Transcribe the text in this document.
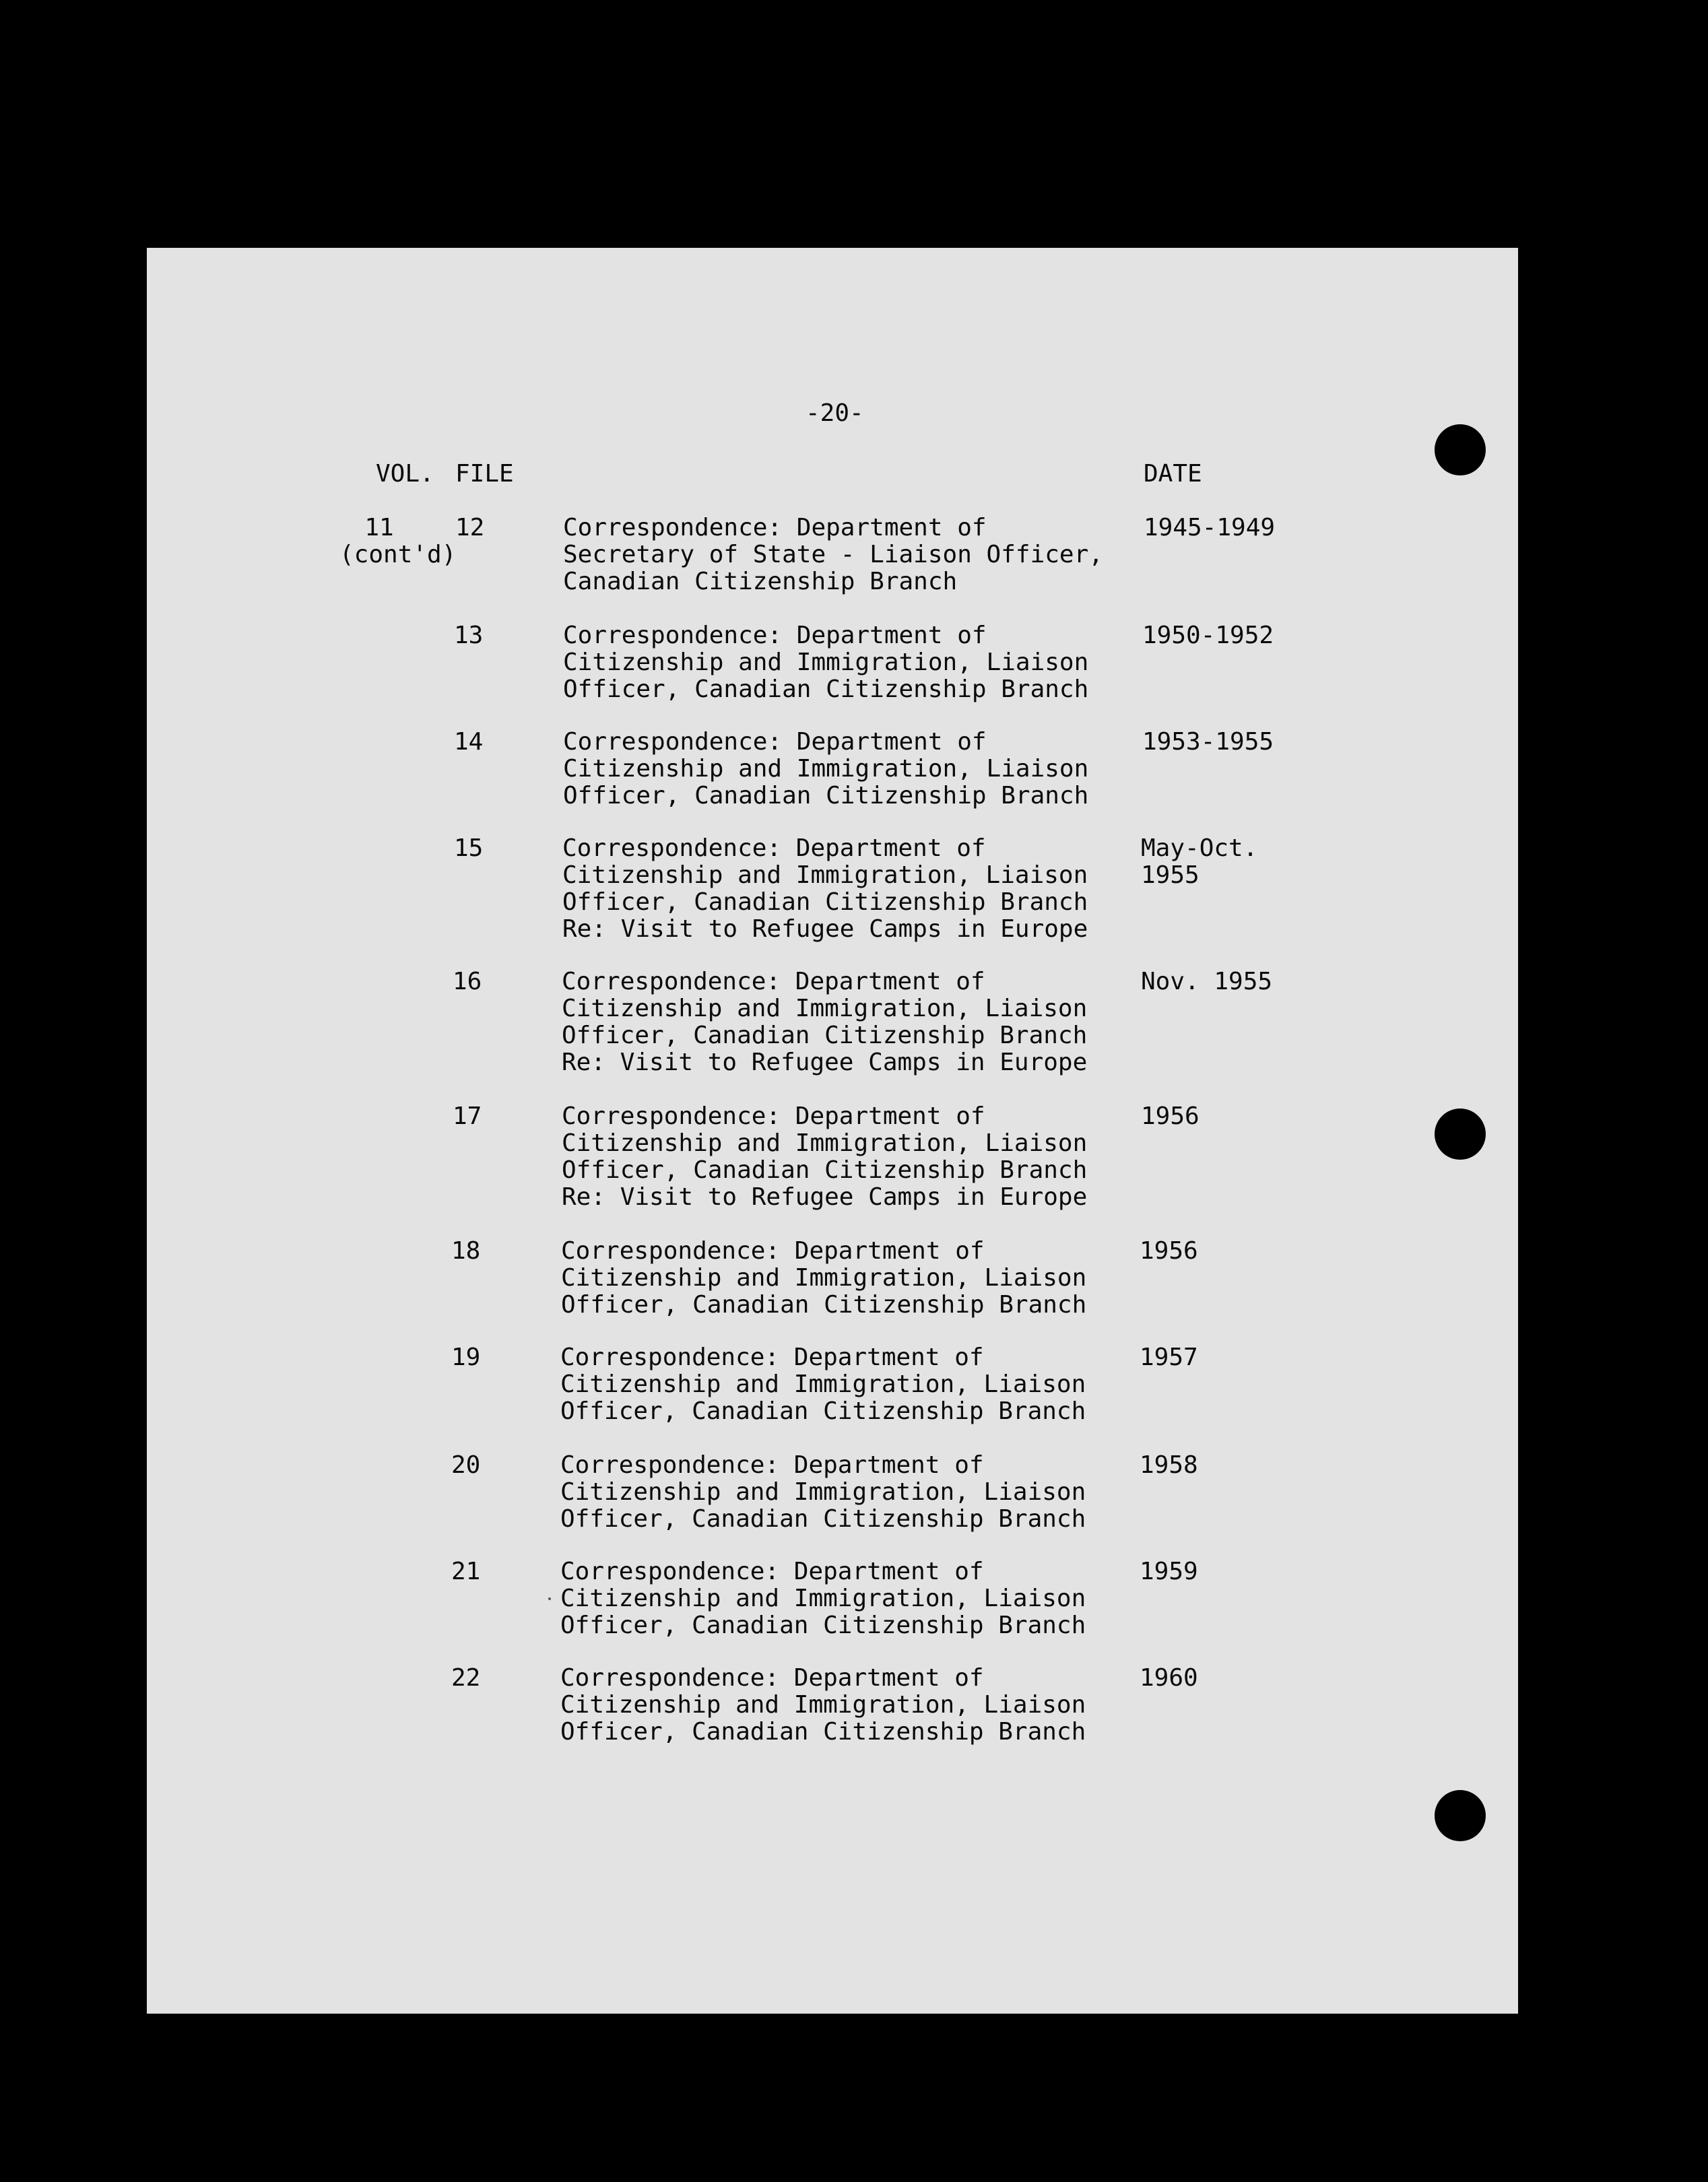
-20-
VOL. FILE	DATE
11
(cont'd)
12	Correspondence: Department of
Secretary of State - Liaison Officer,
Canadian Citizenship Branch
1945-1949
13	Correspondence: Department of
Citizenship and Immigration, Liaison
Officer, Canadian Citizenship Branch
1950-1952
14	Correspondence: Department of
Citizenship and Immigration, Liaison
Officer, Canadian Citizenship Branch
1953-1955
15	Correspondence: Department of
Citizenship and Immigration, Liaison
Officer, Canadian Citizenship Branch
Re: Visit to Refugee Camps in Europe
May-Oct.
1955
16	Correspondence: Department of
Citizenship and Immigration, Liaison
Officer, Canadian Citizenship Branch
Re: Visit to Refugee Camps in Europe
Nov. 1955
17	Correspondence: Department of
Citizenship and Immigration, Liaison
Officer, Canadian Citizenship Branch
Re: Visit to Refugee Camps in Europe
1956
18	Correspondence: Department of
Citizenship and Immigration, Liaison
Officer, Canadian Citizenship Branch
1956
19	Correspondence: Department of
Citizenship and Immigration, Liaison
Officer, Canadian Citizenship Branch
1957
20	Correspondence: Department of
Citizenship and Immigration, Liaison
Officer, Canadian Citizenship Branch
1958
21	Correspondence: Department of
Citizenship and Immigration, Liaison
Officer, Canadian Citizenship Branch
1959
22	Correspondence: Department of
Citizenship and Immigration, Liaison
Officer, Canadian Citizenship Branch
1960
